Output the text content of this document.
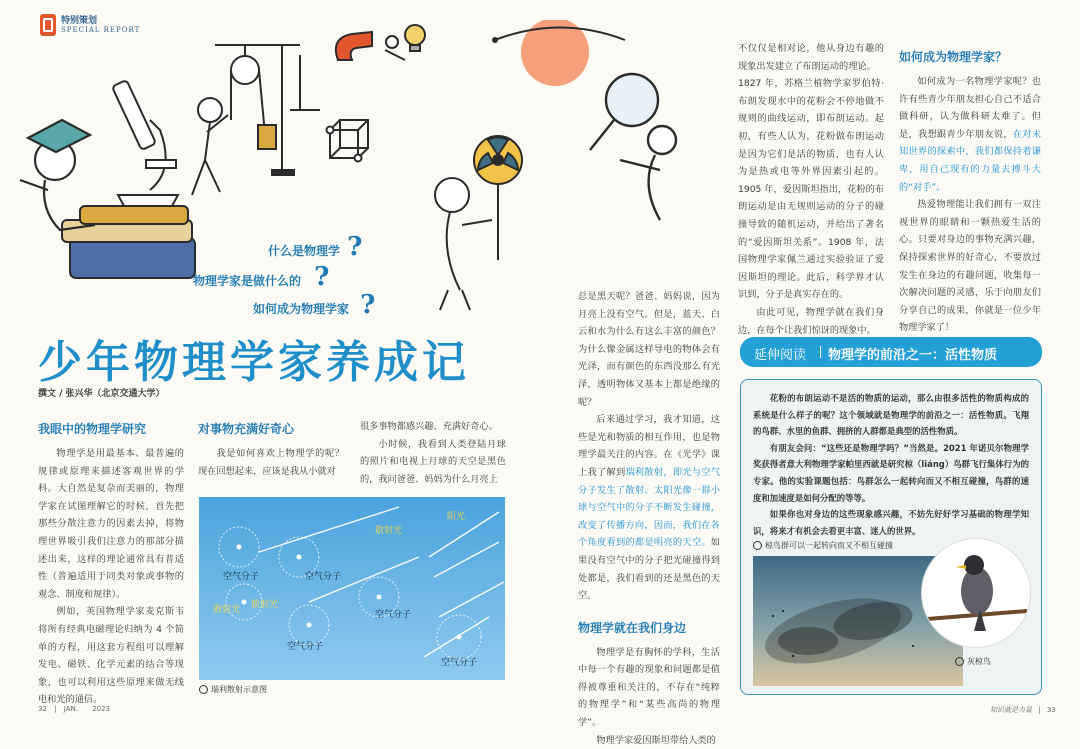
特别策划
SPECIAL REPORT
什么是物理学 ?
物理学家是做什么的 ?
如何成为物理学家 ?
少年物理学家养成记
撰文 / 张兴华（北京交通大学）
我眼中的物理学研究

物理学是用最基本、最普遍的规律或原理来描述客观世界的学科。大自然是复杂而美丽的，物理学家在试图理解它的时候，首先把那些分散注意力的因素去掉，将物理世界吸引我们注意力的那部分描述出来，这样的理论通常具有普适性（普遍适用于同类对象或事物的观念、制度和规律）。

例如，英国物理学家麦克斯韦将所有经典电磁理论归纳为 4 个简单的方程，用这套方程组可以理解发电、磁铁、化学元素的结合等现象，也可以利用这些原理来做无线电和光的通信。

对事物充满好奇心

我是如何喜欢上物理学的呢？现在回想起来，应该是我从小就对

很多事物都感兴趣、充满好奇心。

小时候，我看到人类登陆月球的照片和电视上月球的天空是黑色的，我问爸爸、妈妈为什么月亮上

阳光
散射光
空气分子	空气分子
空气分子
空气分子
空气分子
散射光 散射光
瑞利散射示意图

总是黑天呢？爸爸、妈妈说，因为月亮上没有空气。但是，蓝天、白云和水为什么有这么丰富的颜色？为什么像金属这样导电的物体会有光泽，而有颜色的东西没那么有光泽，透明物体又基本上都是绝缘的呢？

后来通过学习，我才知道，这些是光和物质的相互作用，也是物理学最关注的内容。在《光学》课上我了解到瑞利散射，即光与空气分子发生了散射。太阳光像一群小球与空气中的分子不断发生碰撞，改变了传播方向，因而，我们在各个角度看到的都是明亮的天空。如果没有空气中的分子把光碰撞得到处都是，我们看到的还是黑色的天空。

物理学就在我们身边

物理学是有胸怀的学科，生活中每一个有趣的现象和问题都是值得被尊重和关注的，不存在“纯粹的物理学”和“某些高尚的物理学”。

物理学家爱因斯坦带给人类的

不仅仅是相对论，他从身边有趣的现象出发建立了布朗运动的理论。

1827 年，苏格兰植物学家罗伯特·布朗发现水中的花粉会不停地做不规则的曲线运动，即布朗运动。起初，有些人认为，花粉做布朗运动是因为它们是活的物质，也有人认为是热或电等外界因素引起的。1905 年，爱因斯坦指出，花粉的布朗运动是由无规则运动的分子的碰撞导致的随机运动，并给出了著名的“爱因斯坦关系”。1908 年，法国物理学家佩兰通过实验验证了爱因斯坦的理论。此后，科学界才认识到，分子是真实存在的。

由此可见，物理学就在我们身边，在每个让我们惊讶的现象中。

如何成为物理学家？

如何成为一名物理学家呢？也许有些青少年朋友担心自己不适合做科研，认为做科研太难了。但是，我想跟青少年朋友说，在对未知世界的探索中，我们都保持着谦卑，用自己现有的力量去搏斗大的“对手”。

热爱物理能让我们拥有一双注视世界的眼睛和一颗热爱生活的心。只要对身边的事物充满兴趣，保持探索世界的好奇心，不要放过发生在身边的有趣问题，收集每一次解决问题的灵感，乐于向朋友们分享自己的成果，你就是一位少年物理学家了！

延伸阅读 物理学的前沿之一：活性物质

花粉的布朗运动不是活的物质的运动，那么由很多活性的物质构成的系统是什么样子的呢？这个领域就是物理学的前沿之一：活性物质。飞翔的鸟群、水里的鱼群、拥挤的人群都是典型的活性物质。

有朋友会问：“这些还是物理学吗？”当然是。2021 年诺贝尔物理学奖获得者意大利物理学家帕里西就是研究椋（liáng）鸟群飞行集体行为的专家。他的实验课题包括：鸟群怎么一起转向而又不相互碰撞，鸟群的速度和加速度是如何分配的等等。

如果你也对身边的这些现象感兴趣，不妨先好好学习基础的物理学知识，将来才有机会去看更丰富、迷人的世界。

椋鸟群可以一起转向而又不相互碰撞
灰椋鸟
32 | JAN. 2023	知识就是力量 | 33
